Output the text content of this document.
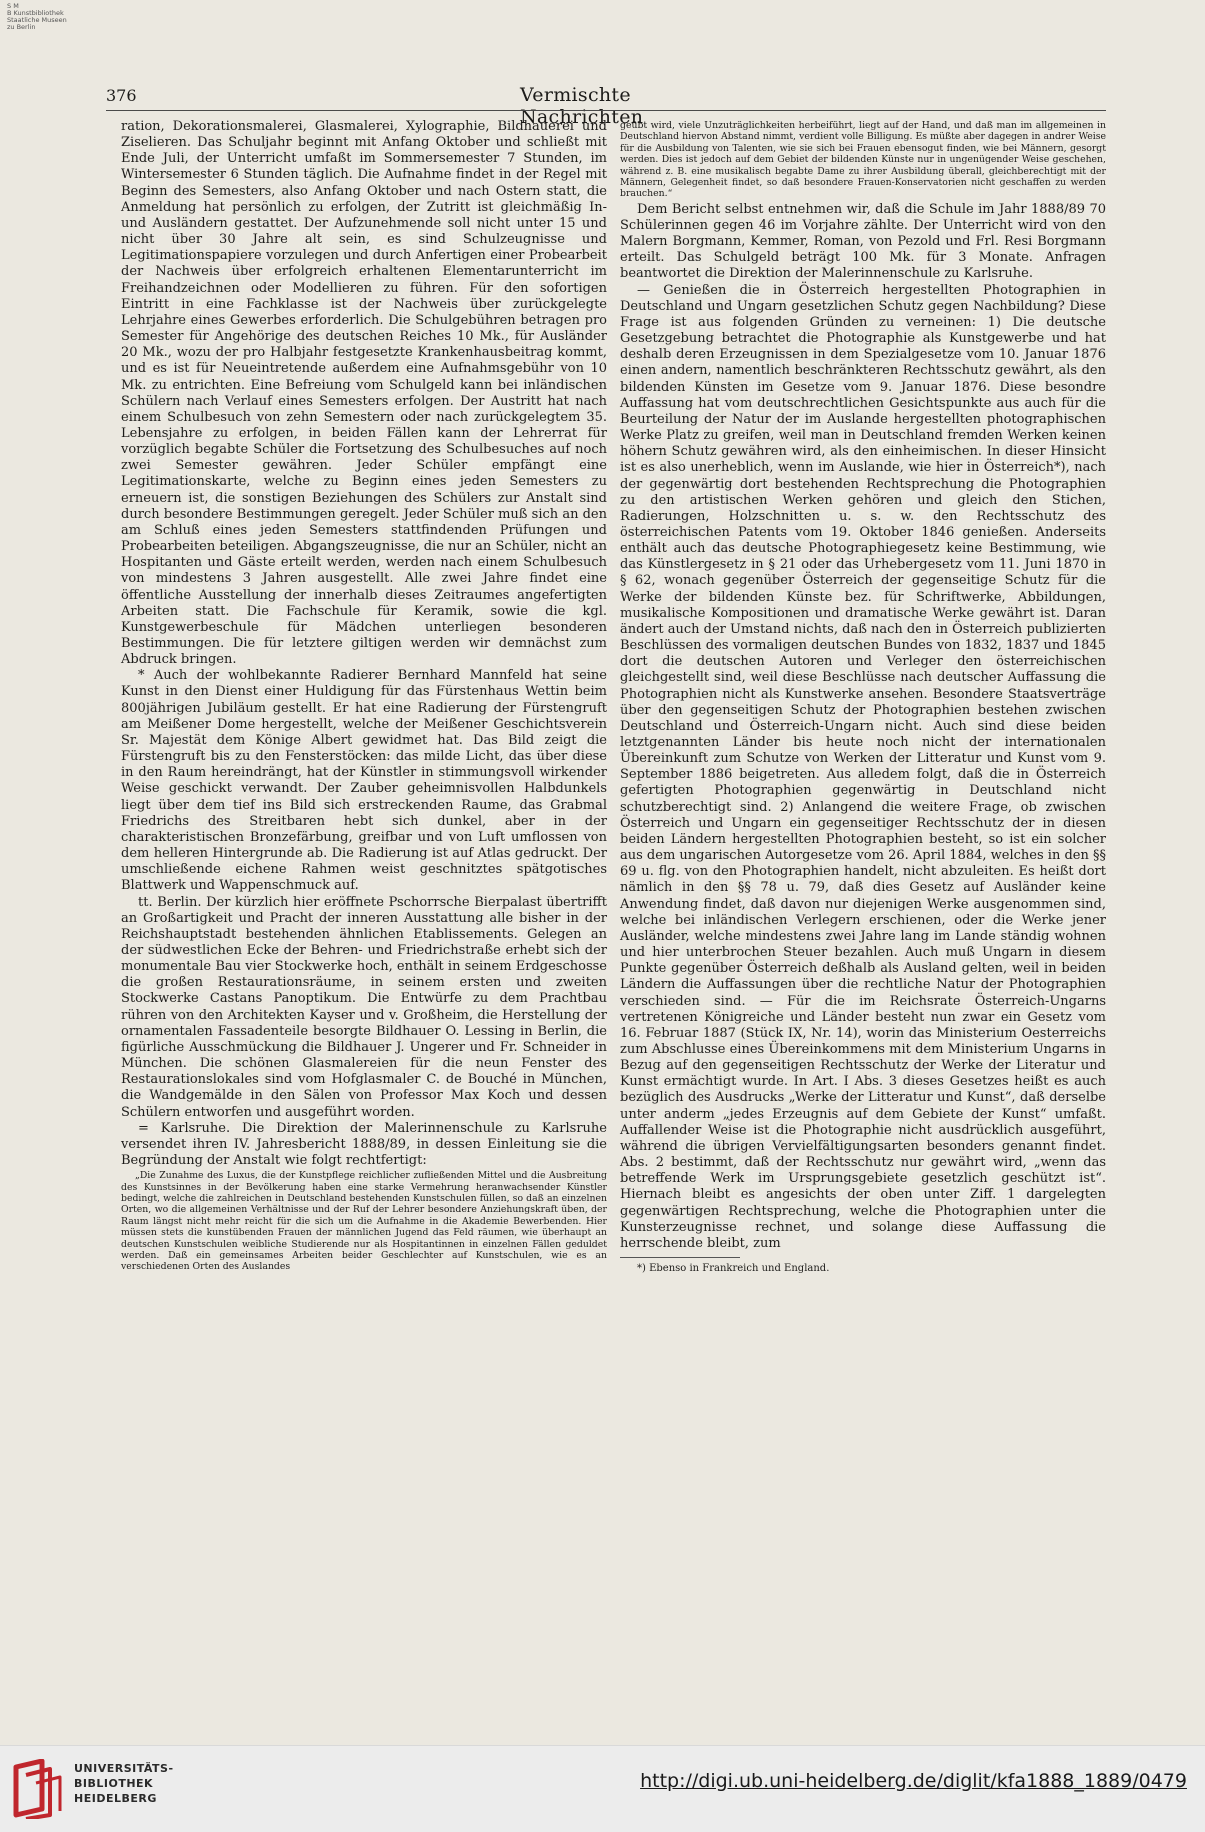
S M
B Kunstbibliothek
Staatliche Museen
zu Berlin
376	Vermischte Nachrichten

ration, Dekorationsmalerei, Glasmalerei, Xylographie, Bildhauerei und Ziselieren. Das Schuljahr beginnt mit Anfang Oktober und schließt mit Ende Juli, der Unterricht umfaßt im Sommersemester 7 Stunden, im Wintersemester 6 Stunden täglich. Die Aufnahme findet in der Regel mit Beginn des Semesters, also Anfang Oktober und nach Ostern statt, die Anmeldung hat persönlich zu erfolgen, der Zutritt ist gleichmäßig In- und Ausländern gestattet. Der Aufzunehmende soll nicht unter 15 und nicht über 30 Jahre alt sein, es sind Schulzeugnisse und Legitimationspapiere vorzulegen und durch Anfertigen einer Probearbeit der Nachweis über erfolgreich erhaltenen Elementarunterricht im Freihandzeichnen oder Modellieren zu führen. Für den sofortigen Eintritt in eine Fachklasse ist der Nachweis über zurückgelegte Lehrjahre eines Gewerbes erforderlich. Die Schulgebühren betragen pro Semester für Angehörige des deutschen Reiches 10 Mk., für Ausländer 20 Mk., wozu der pro Halbjahr festgesetzte Krankenhausbeitrag kommt, und es ist für Neueintretende außerdem eine Aufnahmsgebühr von 10 Mk. zu entrichten. Eine Befreiung vom Schulgeld kann bei inländischen Schülern nach Verlauf eines Semesters erfolgen. Der Austritt hat nach einem Schulbesuch von zehn Semestern oder nach zurückgelegtem 35. Lebensjahre zu erfolgen, in beiden Fällen kann der Lehrerrat für vorzüglich begabte Schüler die Fortsetzung des Schulbesuches auf noch zwei Semester gewähren. Jeder Schüler empfängt eine Legitimationskarte, welche zu Beginn eines jeden Semesters zu erneuern ist, die sonstigen Beziehungen des Schülers zur Anstalt sind durch besondere Bestimmungen geregelt. Jeder Schüler muß sich an den am Schluß eines jeden Semesters stattfindenden Prüfungen und Probearbeiten beteiligen. Abgangszeugnisse, die nur an Schüler, nicht an Hospitanten und Gäste erteilt werden, werden nach einem Schulbesuch von mindestens 3 Jahren ausgestellt. Alle zwei Jahre findet eine öffentliche Ausstellung der innerhalb dieses Zeitraumes angefertigten Arbeiten statt. Die Fachschule für Keramik, sowie die kgl. Kunstgewerbeschule für Mädchen unterliegen besonderen Bestimmungen. Die für letztere giltigen werden wir demnächst zum Abdruck bringen.

* Auch der wohlbekannte Radierer Bernhard Mannfeld hat seine Kunst in den Dienst einer Huldigung für das Fürstenhaus Wettin beim 800jährigen Jubiläum gestellt. Er hat eine Radierung der Fürstengruft am Meißener Dome hergestellt, welche der Meißener Geschichtsverein Sr. Majestät dem Könige Albert gewidmet hat. Das Bild zeigt die Fürstengruft bis zu den Fensterstöcken: das milde Licht, das über diese in den Raum hereindrängt, hat der Künstler in stimmungsvoll wirkender Weise geschickt verwandt. Der Zauber geheimnisvollen Halbdunkels liegt über dem tief ins Bild sich erstreckenden Raume, das Grabmal Friedrichs des Streitbaren hebt sich dunkel, aber in der charakteristischen Bronzefärbung, greifbar und von Luft umflossen von dem helleren Hintergrunde ab. Die Radierung ist auf Atlas gedruckt. Der umschließende eichene Rahmen weist geschnitztes spätgotisches Blattwerk und Wappenschmuck auf.

tt. Berlin. Der kürzlich hier eröffnete Pschorrsche Bierpalast übertrifft an Großartigkeit und Pracht der inneren Ausstattung alle bisher in der Reichshauptstadt bestehenden ähnlichen Etablissements. Gelegen an der südwestlichen Ecke der Behren- und Friedrichstraße erhebt sich der monumentale Bau vier Stockwerke hoch, enthält in seinem Erdgeschosse die großen Restaurationsräume, in seinem ersten und zweiten Stockwerke Castans Panoptikum. Die Entwürfe zu dem Prachtbau rühren von den Architekten Kayser und v. Großheim, die Herstellung der ornamentalen Fassadenteile besorgte Bildhauer O. Lessing in Berlin, die figürliche Ausschmückung die Bildhauer J. Ungerer und Fr. Schneider in München. Die schönen Glasmalereien für die neun Fenster des Restaurationslokales sind vom Hofglasmaler C. de Bouché in München, die Wandgemälde in den Sälen von Professor Max Koch und dessen Schülern entworfen und ausgeführt worden.

= Karlsruhe. Die Direktion der Malerinnenschule zu Karlsruhe versendet ihren IV. Jahresbericht 1888/89, in dessen Einleitung sie die Begründung der Anstalt wie folgt rechtfertigt:

„Die Zunahme des Luxus, die der Kunstpflege reichlicher zufließenden Mittel und die Ausbreitung des Kunstsinnes in der Bevölkerung haben eine starke Vermehrung heranwachsender Künstler bedingt, welche die zahlreichen in Deutschland bestehenden Kunstschulen füllen, so daß an einzelnen Orten, wo die allgemeinen Verhältnisse und der Ruf der Lehrer besondere Anziehungskraft üben, der Raum längst nicht mehr reicht für die sich um die Aufnahme in die Akademie Bewerbenden. Hier müssen stets die kunstübenden Frauen der männlichen Jugend das Feld räumen, wie überhaupt an deutschen Kunstschulen weibliche Studierende nur als Hospitantinnen in einzelnen Fällen geduldet werden. Daß ein gemeinsames Arbeiten beider Geschlechter auf Kunstschulen, wie es an verschiedenen Orten des Auslandes

geübt wird, viele Unzuträglichkeiten herbeiführt, liegt auf der Hand, und daß man im allgemeinen in Deutschland hiervon Abstand nimmt, verdient volle Billigung. Es müßte aber dagegen in andrer Weise für die Ausbildung von Talenten, wie sie sich bei Frauen ebensogut finden, wie bei Männern, gesorgt werden. Dies ist jedoch auf dem Gebiet der bildenden Künste nur in ungenügender Weise geschehen, während z. B. eine musikalisch begabte Dame zu ihrer Ausbildung überall, gleichberechtigt mit der Männern, Gelegenheit findet, so daß besondere Frauen-Konservatorien nicht geschaffen zu werden brauchen.“

Dem Bericht selbst entnehmen wir, daß die Schule im Jahr 1888/89 70 Schülerinnen gegen 46 im Vorjahre zählte. Der Unterricht wird von den Malern Borgmann, Kemmer, Roman, von Pezold und Frl. Resi Borgmann erteilt. Das Schulgeld beträgt 100 Mk. für 3 Monate. Anfragen beantwortet die Direktion der Malerinnenschule zu Karlsruhe.

— Genießen die in Österreich hergestellten Photographien in Deutschland und Ungarn gesetzlichen Schutz gegen Nachbildung? Diese Frage ist aus folgenden Gründen zu verneinen: 1) Die deutsche Gesetzgebung betrachtet die Photographie als Kunstgewerbe und hat deshalb deren Erzeugnissen in dem Spezialgesetze vom 10. Januar 1876 einen andern, namentlich beschränkteren Rechtsschutz gewährt, als den bildenden Künsten im Gesetze vom 9. Januar 1876. Diese besondre Auffassung hat vom deutschrechtlichen Gesichtspunkte aus auch für die Beurteilung der Natur der im Auslande hergestellten photographischen Werke Platz zu greifen, weil man in Deutschland fremden Werken keinen höhern Schutz gewähren wird, als den einheimischen. In dieser Hinsicht ist es also unerheblich, wenn im Auslande, wie hier in Österreich*), nach der gegenwärtig dort bestehenden Rechtsprechung die Photographien zu den artistischen Werken gehören und gleich den Stichen, Radierungen, Holzschnitten u. s. w. den Rechtsschutz des österreichischen Patents vom 19. Oktober 1846 genießen. Anderseits enthält auch das deutsche Photographiegesetz keine Bestimmung, wie das Künstlergesetz in § 21 oder das Urhebergesetz vom 11. Juni 1870 in § 62, wonach gegenüber Österreich der gegenseitige Schutz für die Werke der bildenden Künste bez. für Schriftwerke, Abbildungen, musikalische Kompositionen und dramatische Werke gewährt ist. Daran ändert auch der Umstand nichts, daß nach den in Österreich publizierten Beschlüssen des vormaligen deutschen Bundes von 1832, 1837 und 1845 dort die deutschen Autoren und Verleger den österreichischen gleichgestellt sind, weil diese Beschlüsse nach deutscher Auffassung die Photographien nicht als Kunstwerke ansehen. Besondere Staatsverträge über den gegenseitigen Schutz der Photographien bestehen zwischen Deutschland und Österreich-Ungarn nicht. Auch sind diese beiden letztgenannten Länder bis heute noch nicht der internationalen Übereinkunft zum Schutze von Werken der Litteratur und Kunst vom 9. September 1886 beigetreten. Aus alledem folgt, daß die in Österreich gefertigten Photographien gegenwärtig in Deutschland nicht schutzberechtigt sind. 2) Anlangend die weitere Frage, ob zwischen Österreich und Ungarn ein gegenseitiger Rechtsschutz der in diesen beiden Ländern hergestellten Photographien besteht, so ist ein solcher aus dem ungarischen Autorgesetze vom 26. April 1884, welches in den §§ 69 u. flg. von den Photographien handelt, nicht abzuleiten. Es heißt dort nämlich in den §§ 78 u. 79, daß dies Gesetz auf Ausländer keine Anwendung findet, daß davon nur diejenigen Werke ausgenommen sind, welche bei inländischen Verlegern erschienen, oder die Werke jener Ausländer, welche mindestens zwei Jahre lang im Lande ständig wohnen und hier unterbrochen Steuer bezahlen. Auch muß Ungarn in diesem Punkte gegenüber Österreich deßhalb als Ausland gelten, weil in beiden Ländern die Auffassungen über die rechtliche Natur der Photographien verschieden sind. — Für die im Reichsrate Österreich-Ungarns vertretenen Königreiche und Länder besteht nun zwar ein Gesetz vom 16. Februar 1887 (Stück IX, Nr. 14), worin das Ministerium Oesterreichs zum Abschlusse eines Übereinkommens mit dem Ministerium Ungarns in Bezug auf den gegenseitigen Rechtsschutz der Werke der Literatur und Kunst ermächtigt wurde. In Art. I Abs. 3 dieses Gesetzes heißt es auch bezüglich des Ausdrucks „Werke der Litteratur und Kunst“, daß derselbe unter anderm „jedes Erzeugnis auf dem Gebiete der Kunst“ umfaßt. Auffallender Weise ist die Photographie nicht ausdrücklich ausgeführt, während die übrigen Vervielfältigungsarten besonders genannt findet. Abs. 2 bestimmt, daß der Rechtsschutz nur gewährt wird, „wenn das betreffende Werk im Ursprungsgebiete gesetzlich geschützt ist“. Hiernach bleibt es angesichts der oben unter Ziff. 1 dargelegten gegenwärtigen Rechtsprechung, welche die Photographien unter die Kunsterzeugnisse rechnet, und solange diese Auffassung die herrschende bleibt, zum

*) Ebenso in Frankreich und England.

UNIVERSITÄTS-
BIBLIOTHEK
HEIDELBERG
http://digi.ub.uni-heidelberg.de/diglit/kfa1888_1889/0479
